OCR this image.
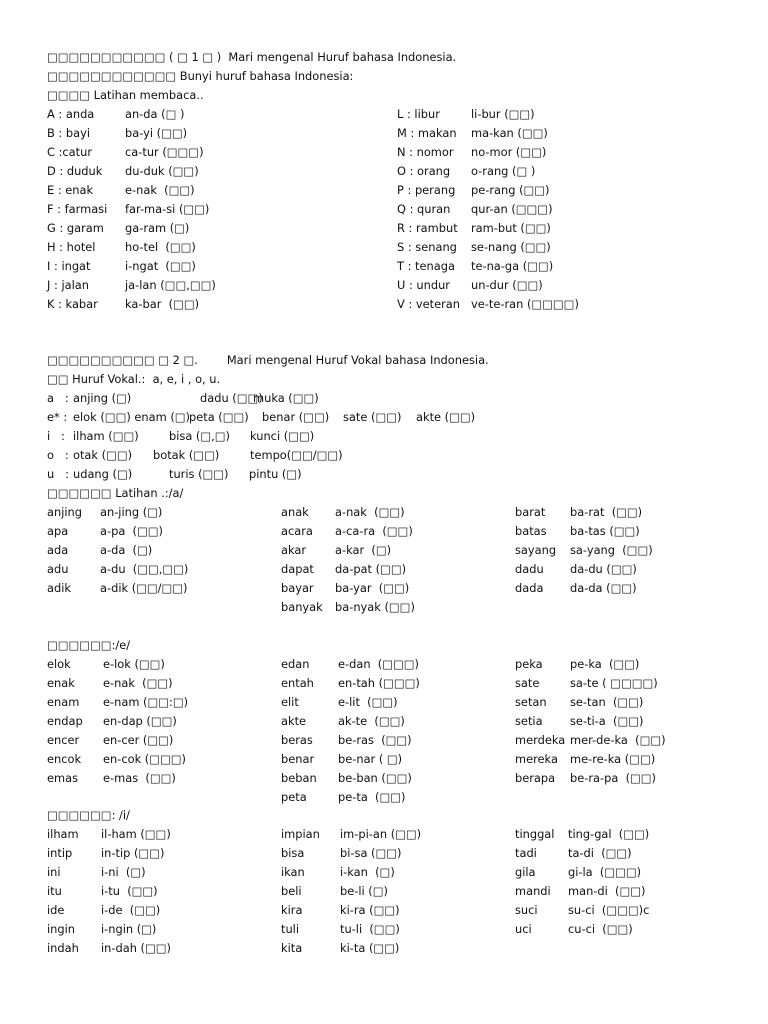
□□□□□□□□□□□ ( □ 1 □ )  Mari mengenal Huruf bahasa Indonesia.
□□□□□□□□□□□□ Bunyi huruf bahasa Indonesia:
□□□□ Latihan membaca..
A : anda	an-da (□ )
B : bayi	ba-yi (□□)
C :catur	ca-tur (□□□)
D : duduk du-duk (□□)
E : enak	e-nak  (□□)
F : farmasi far-ma-si (□□)
G : garam ga-ram (□)
H : hotel	ho-tel  (□□)
I : ingat	i-ngat  (□□)
J : jalan	ja-lan (□□,□□)
K : kabar ka-bar  (□□)
L : libur	li-bur (□□)
M : makan ma-kan (□□)
N : nomor no-mor (□□)
O : orang o-rang (□ )
P : perang pe-rang (□□)
Q : quran qur-an (□□□)
R : rambut ram-but (□□)
S : senang se-nang (□□)
T : tenaga te-na-ga (□□)
U : undur un-dur (□□)
V : veteran ve-te-ran (□□□□)
□□□□□□□□□□ □ 2 □.        Mari mengenal Huruf Vokal bahasa Indonesia.
□□ Huruf Vokal.:  a, e, i , o, u.
a   : anjing (□)	dadu (□□)
muka (□□)
e* : elok (□□) enam (□) peta (□□) benar (□□) sate (□□) akte (□□)
i   : ilham (□□)	bisa (□,□) kunci (□□)
o   : otak (□□) botak (□□)	tempo(□□/□□)
u   : udang (□)	turis (□□) pintu (□)
□□□□□□ Latihan .:/a/
anjing an-jing (□)
apa	a-pa  (□□)
ada	a-da  (□)
adu	a-du  (□□,□□)
adik	a-dik (□□/□□)
anak a-nak  (□□)
acara a-ca-ra  (□□)
akar	a-kar  (□)
dapat da-pat (□□)
bayar ba-yar  (□□)
banyak ba-nyak (□□)
barat ba-rat  (□□)
batas ba-tas (□□)
sayang sa-yang  (□□)
dadu da-du (□□)
dada da-da (□□)
□□□□□□:/e/
elok	e-lok (□□)
enak e-nak  (□□)
enam e-nam (□□:□)
endap en-dap (□□)
encer en-cer (□□)
encok en-cok (□□□)
emas e-mas  (□□)
edan	e-dan  (□□□)
entah en-tah (□□□)
elit	e-lit  (□□)
akte	ak-te  (□□)
beras be-ras  (□□)
benar be-nar ( □)
beban be-ban (□□)
peta	pe-ta  (□□)
peka pe-ka  (□□)
sate	sa-te ( □□□□)
setan se-tan  (□□)
setia se-ti-a  (□□)
merdeka mer-de-ka  (□□)
mereka me-re-ka (□□)
berapa be-ra-pa  (□□)
□□□□□□: /i/
ilham il-ham (□□)
intip	in-tip (□□)
ini	i-ni  (□)
itu	i-tu  (□□)
ide	i-de  (□□)
ingin i-ngin (□)
indah in-dah (□□)
impian im-pi-an (□□)
bisa	bi-sa (□□)
ikan	i-kan  (□)
beli	be-li (□)
kira	ki-ra (□□)
tuli	tu-li  (□□)
kita	ki-ta (□□)
tinggal ting-gal  (□□)
tadi	ta-di  (□□)
gila	gi-la  (□□□)
mandi man-di  (□□)
suci	su-ci  (□□□)c
uci	cu-ci  (□□)
